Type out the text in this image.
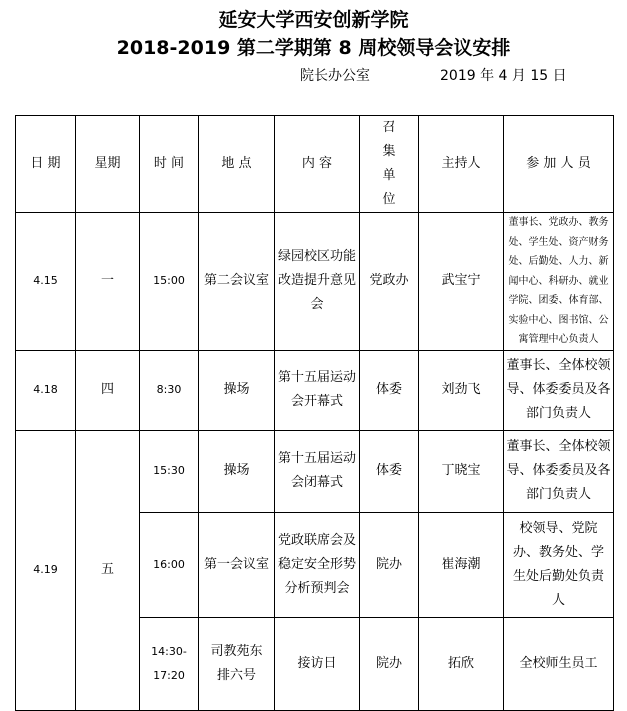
延安大学西安创新学院
2018-2019 第二学期第 8 周校领导会议安排
院长办公室	2019 年 4 月 15 日
日 期	星期	时 间	地 点	内 容	召 集 单 位	主持人	参 加 人 员
4.15	一	15:00	第二会议室	绿园校区功能改造提升意见会	党政办	武宝宁	董事长、党政办、教务处、学生处、资产财务处、后勤处、人力、新闻中心、科研办、就业学院、团委、体育部、实验中心、图书馆、公寓管理中心负责人
4.18	四	8:30	操场	第十五届运动会开幕式	体委	刘劲飞	董事长、全体校领导、体委委员及各部门负责人
4.19	五	15:30	操场	第十五届运动会闭幕式	体委	丁晓宝	董事长、全体校领导、体委委员及各部门负责人
		16:00	第一会议室	党政联席会及稳定安全形势分析预判会	院办	崔海潮	校领导、党院办、教务处、学生处后勤处负责人
		14:30-17:20	司教苑东排六号	接访日	院办	拓欣	全校师生员工
